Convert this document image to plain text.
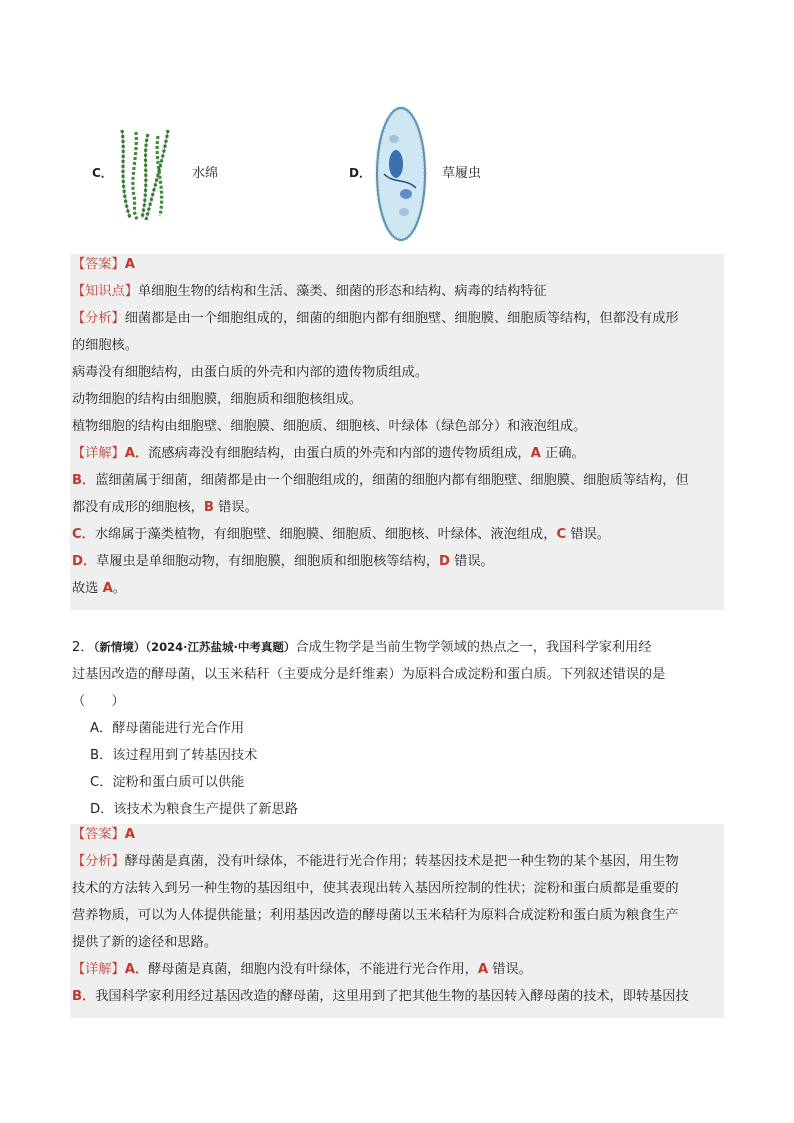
C．	水绵	D．	草履虫
【答案】A
【知识点】单细胞生物的结构和生活、藻类、细菌的形态和结构、病毒的结构特征
【分析】细菌都是由一个细胞组成的，细菌的细胞内都有细胞壁、细胞膜、细胞质等结构，但都没有成形
的细胞核。
病毒没有细胞结构，由蛋白质的外壳和内部的遗传物质组成。
动物细胞的结构由细胞膜，细胞质和细胞核组成。
植物细胞的结构由细胞壁、细胞膜、细胞质、细胞核、叶绿体（绿色部分）和液泡组成。
【详解】A．流感病毒没有细胞结构，由蛋白质的外壳和内部的遗传物质组成，A 正确。
B．蓝细菌属于细菌，细菌都是由一个细胞组成的，细菌的细胞内都有细胞壁、细胞膜、细胞质等结构，但
都没有成形的细胞核，B 错误。
C．水绵属于藻类植物，有细胞壁、细胞膜、细胞质、细胞核、叶绿体、液泡组成，C 错误。
D．草履虫是单细胞动物，有细胞膜，细胞质和细胞核等结构，D 错误。
故选 A。
2．（新情境）（2024·江苏盐城·中考真题）合成生物学是当前生物学领域的热点之一，我国科学家利用经
过基因改造的酵母菌，以玉米秸秆（主要成分是纤维素）为原料合成淀粉和蛋白质。下列叙述错误的是
（　　）
A．酵母菌能进行光合作用
B．该过程用到了转基因技术
C．淀粉和蛋白质可以供能
D．该技术为粮食生产提供了新思路
【答案】A
【分析】酵母菌是真菌，没有叶绿体，不能进行光合作用；转基因技术是把一种生物的某个基因，用生物
技术的方法转入到另一种生物的基因组中，使其表现出转入基因所控制的性状；淀粉和蛋白质都是重要的
营养物质，可以为人体提供能量；利用基因改造的酵母菌以玉米秸秆为原料合成淀粉和蛋白质为粮食生产
提供了新的途径和思路。
【详解】A．酵母菌是真菌，细胞内没有叶绿体，不能进行光合作用，A 错误。
B．我国科学家利用经过基因改造的酵母菌，这里用到了把其他生物的基因转入酵母菌的技术，即转基因技
